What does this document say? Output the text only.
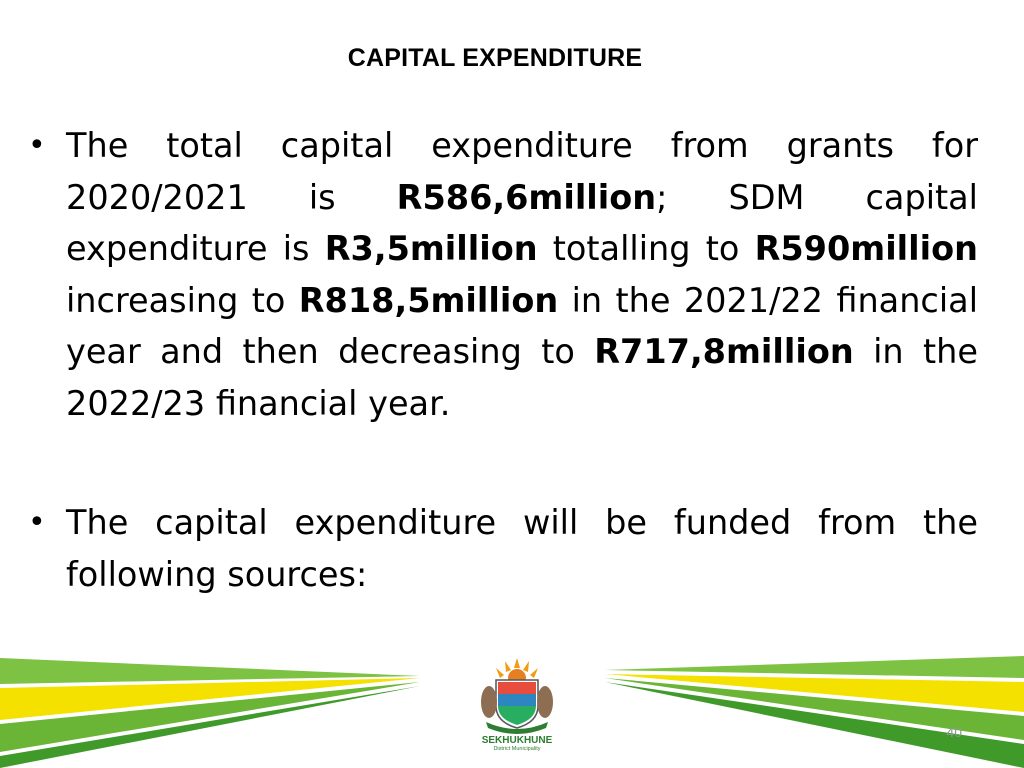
CAPITAL EXPENDITURE
• The total capital expenditure from grants for 2020/2021 is R586,6million; SDM capital expenditure is R3,5million totalling to R590million increasing to R818,5million in the 2021/22 financial year and then decreasing to R717,8million in the 2022/23 financial year.
• The capital expenditure will be funded from the following sources:
SEKHUKHUNE
District Municipality
40
